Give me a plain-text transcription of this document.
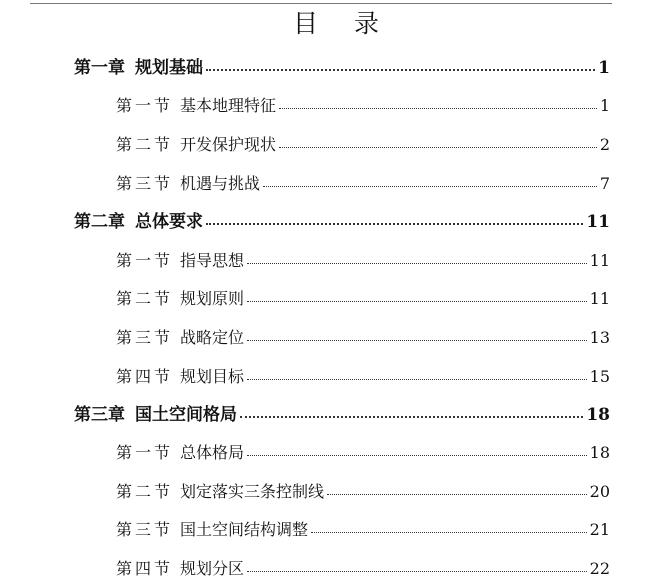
目 录
第一章 规划基础	1
第一节 基本地理特征	1
第二节 开发保护现状	2
第三节 机遇与挑战	7
第二章 总体要求	11
第一节 指导思想	11
第二节 规划原则	11
第三节 战略定位	13
第四节 规划目标	15
第三章 国土空间格局	18
第一节 总体格局	18
第二节 划定落实三条控制线	20
第三节 国土空间结构调整	21
第四节 规划分区	22
